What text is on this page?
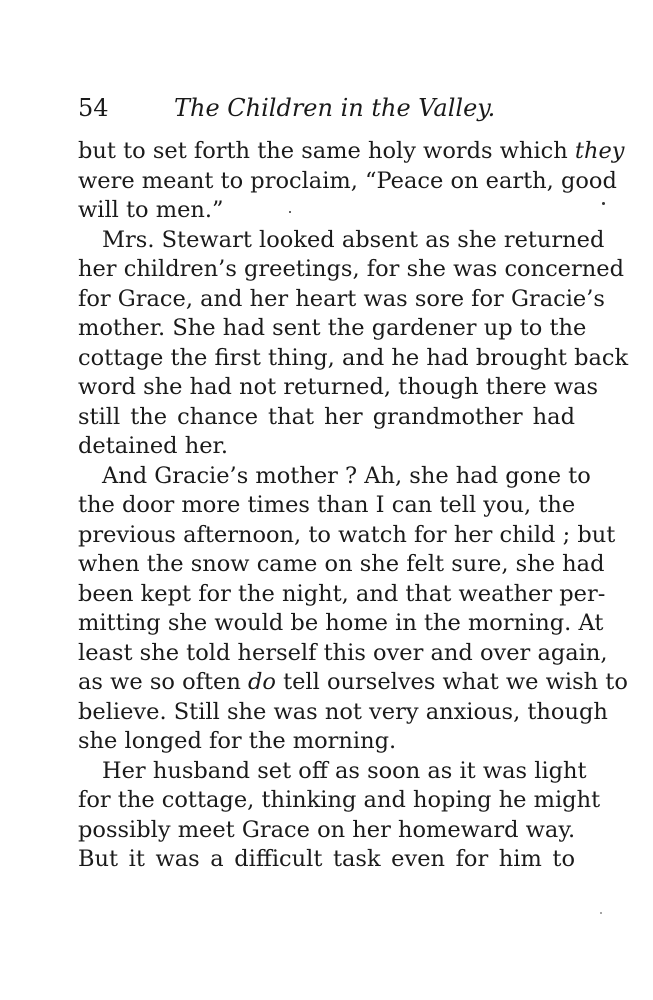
54	The Children in the Valley.
but to set forth the same holy words which they
were meant to proclaim, “Peace on earth, good
will to men.”
Mrs. Stewart looked absent as she returned
her children’s greetings, for she was concerned
for Grace, and her heart was sore for Gracie’s
mother. She had sent the gardener up to the
cottage the first thing, and he had brought back
word she had not returned, though there was
still the chance that her grandmother had
detained her.
And Gracie’s mother ? Ah, she had gone to
the door more times than I can tell you, the
previous afternoon, to watch for her child ; but
when the snow came on she felt sure, she had
been kept for the night, and that weather per-
mitting she would be home in the morning. At
least she told herself this over and over again,
as we so often do tell ourselves what we wish to
believe. Still she was not very anxious, though
she longed for the morning.
Her husband set off as soon as it was light
for the cottage, thinking and hoping he might
possibly meet Grace on her homeward way.
But it was a difficult task even for him to
